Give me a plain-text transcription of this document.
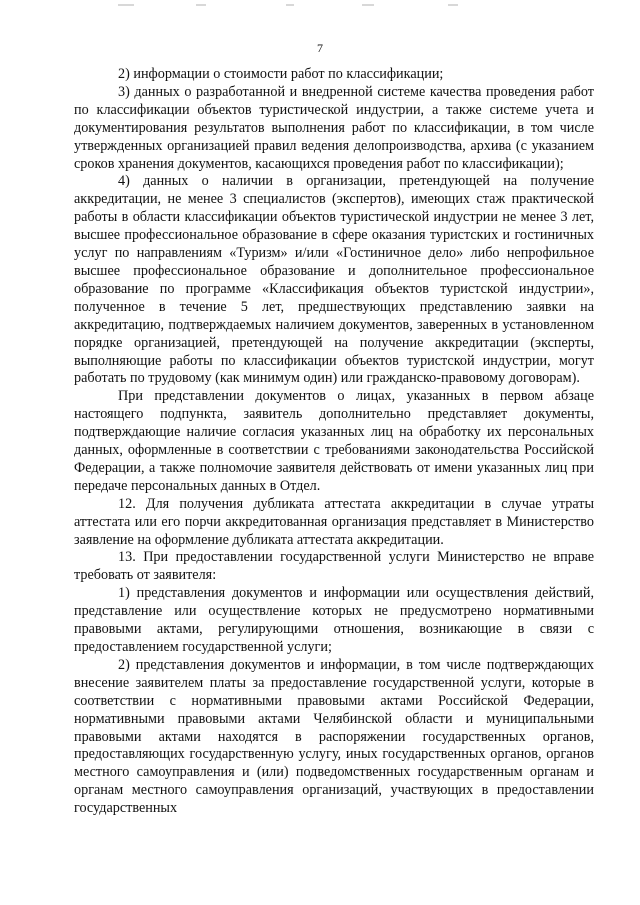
7

2) информации о стоимости работ по классификации;

3) данных о разработанной и внедренной системе качества проведения работ по классификации объектов туристической индустрии, а также системе учета и документирования результатов выполнения работ по классификации, в том числе утвержденных организацией правил ведения делопроизводства, архива (с указанием сроков хранения документов, касающихся проведения работ по классификации);

4) данных о наличии в организации, претендующей на получение аккредитации, не менее 3 специалистов (экспертов), имеющих стаж практической работы в области классификации объектов туристической индустрии не менее 3 лет, высшее профессиональное образование в сфере оказания туристских и гостиничных услуг по направлениям «Туризм» и/или «Гостиничное дело» либо непрофильное высшее профессиональное образование и дополнительное профессиональное образование по программе «Классификация объектов туристской индустрии», полученное в течение 5 лет, предшествующих представлению заявки на аккредитацию, подтверждаемых наличием документов, заверенных в установленном порядке организацией, претендующей на получение аккредитации (эксперты, выполняющие работы по классификации объектов туристской индустрии, могут работать по трудовому (как минимум один) или гражданско-правовому договорам).

При представлении документов о лицах, указанных в первом абзаце настоящего подпункта, заявитель дополнительно представляет документы, подтверждающие наличие согласия указанных лиц на обработку их персональных данных, оформленные в соответствии с требованиями законодательства Российской Федерации, а также полномочие заявителя действовать от имени указанных лиц при передаче персональных данных в Отдел.

12. Для получения дубликата аттестата аккредитации в случае утраты аттестата или его порчи аккредитованная организация представляет в Министерство заявление на оформление дубликата аттестата аккредитации.

13. При предоставлении государственной услуги Министерство не вправе требовать от заявителя:

1) представления документов и информации или осуществления действий, представление или осуществление которых не предусмотрено нормативными правовыми актами, регулирующими отношения, возникающие в связи с предоставлением государственной услуги;

2) представления документов и информации, в том числе подтверждающих внесение заявителем платы за предоставление государственной услуги, которые в соответствии с нормативными правовыми актами Российской Федерации, нормативными правовыми актами Челябинской области и муниципальными правовыми актами находятся в распоряжении государственных органов, предоставляющих государственную услугу, иных государственных органов, органов местного самоуправления и (или) подведомственных государственным органам и органам местного самоуправления организаций, участвующих в предоставлении государственных
